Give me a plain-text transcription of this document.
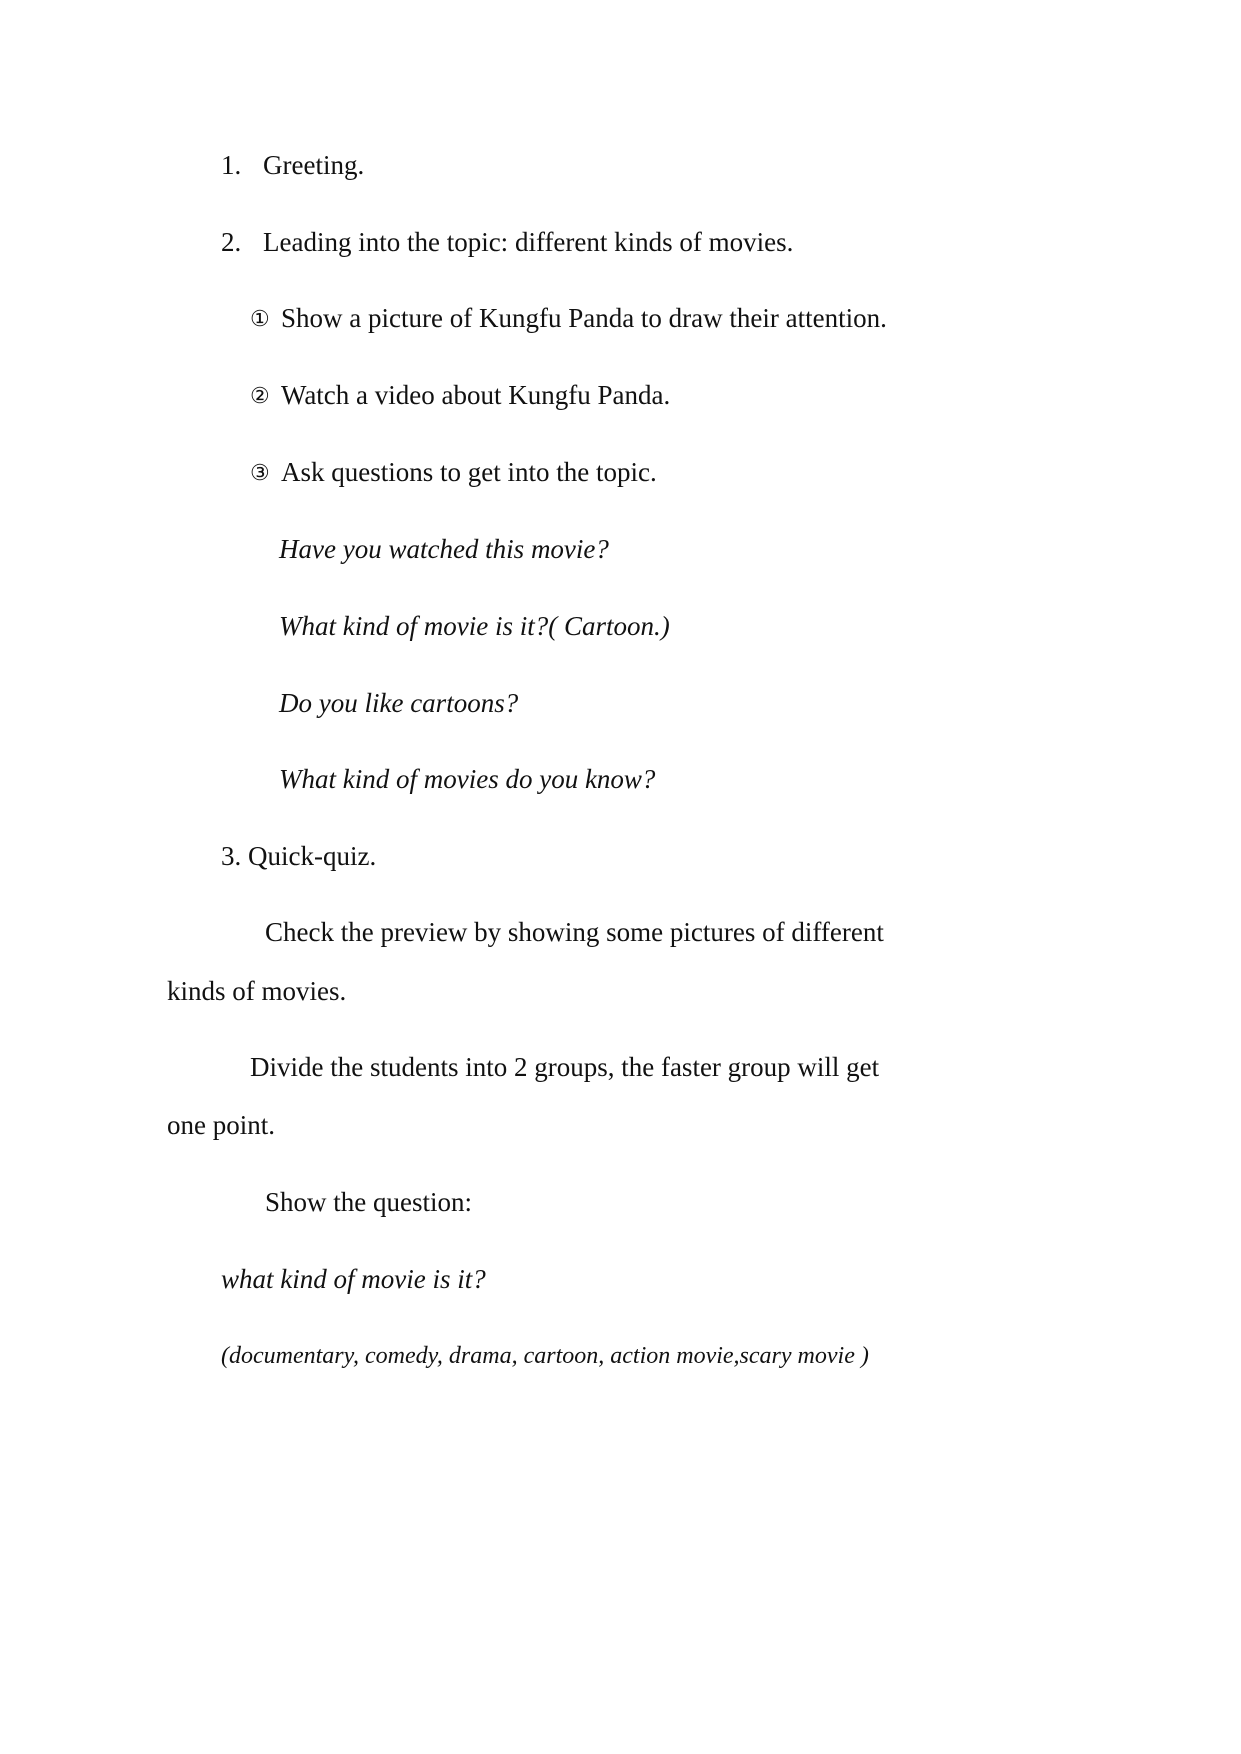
1. Greeting.
2. Leading into the topic: different kinds of movies.
① Show a picture of Kungfu Panda to draw their attention.
② Watch a video about Kungfu Panda.
③ Ask questions to get into the topic.
Have you watched this movie?
What kind of movie is it?( Cartoon.)
Do you like cartoons?
What kind of movies do you know?
3. Quick-quiz.
Check the preview by showing some pictures of different
kinds of movies.
Divide the students into 2 groups, the faster group will get
one point.
Show the question:
what kind of movie is it?
(documentary, comedy, drama, cartoon, action movie,scary movie )
